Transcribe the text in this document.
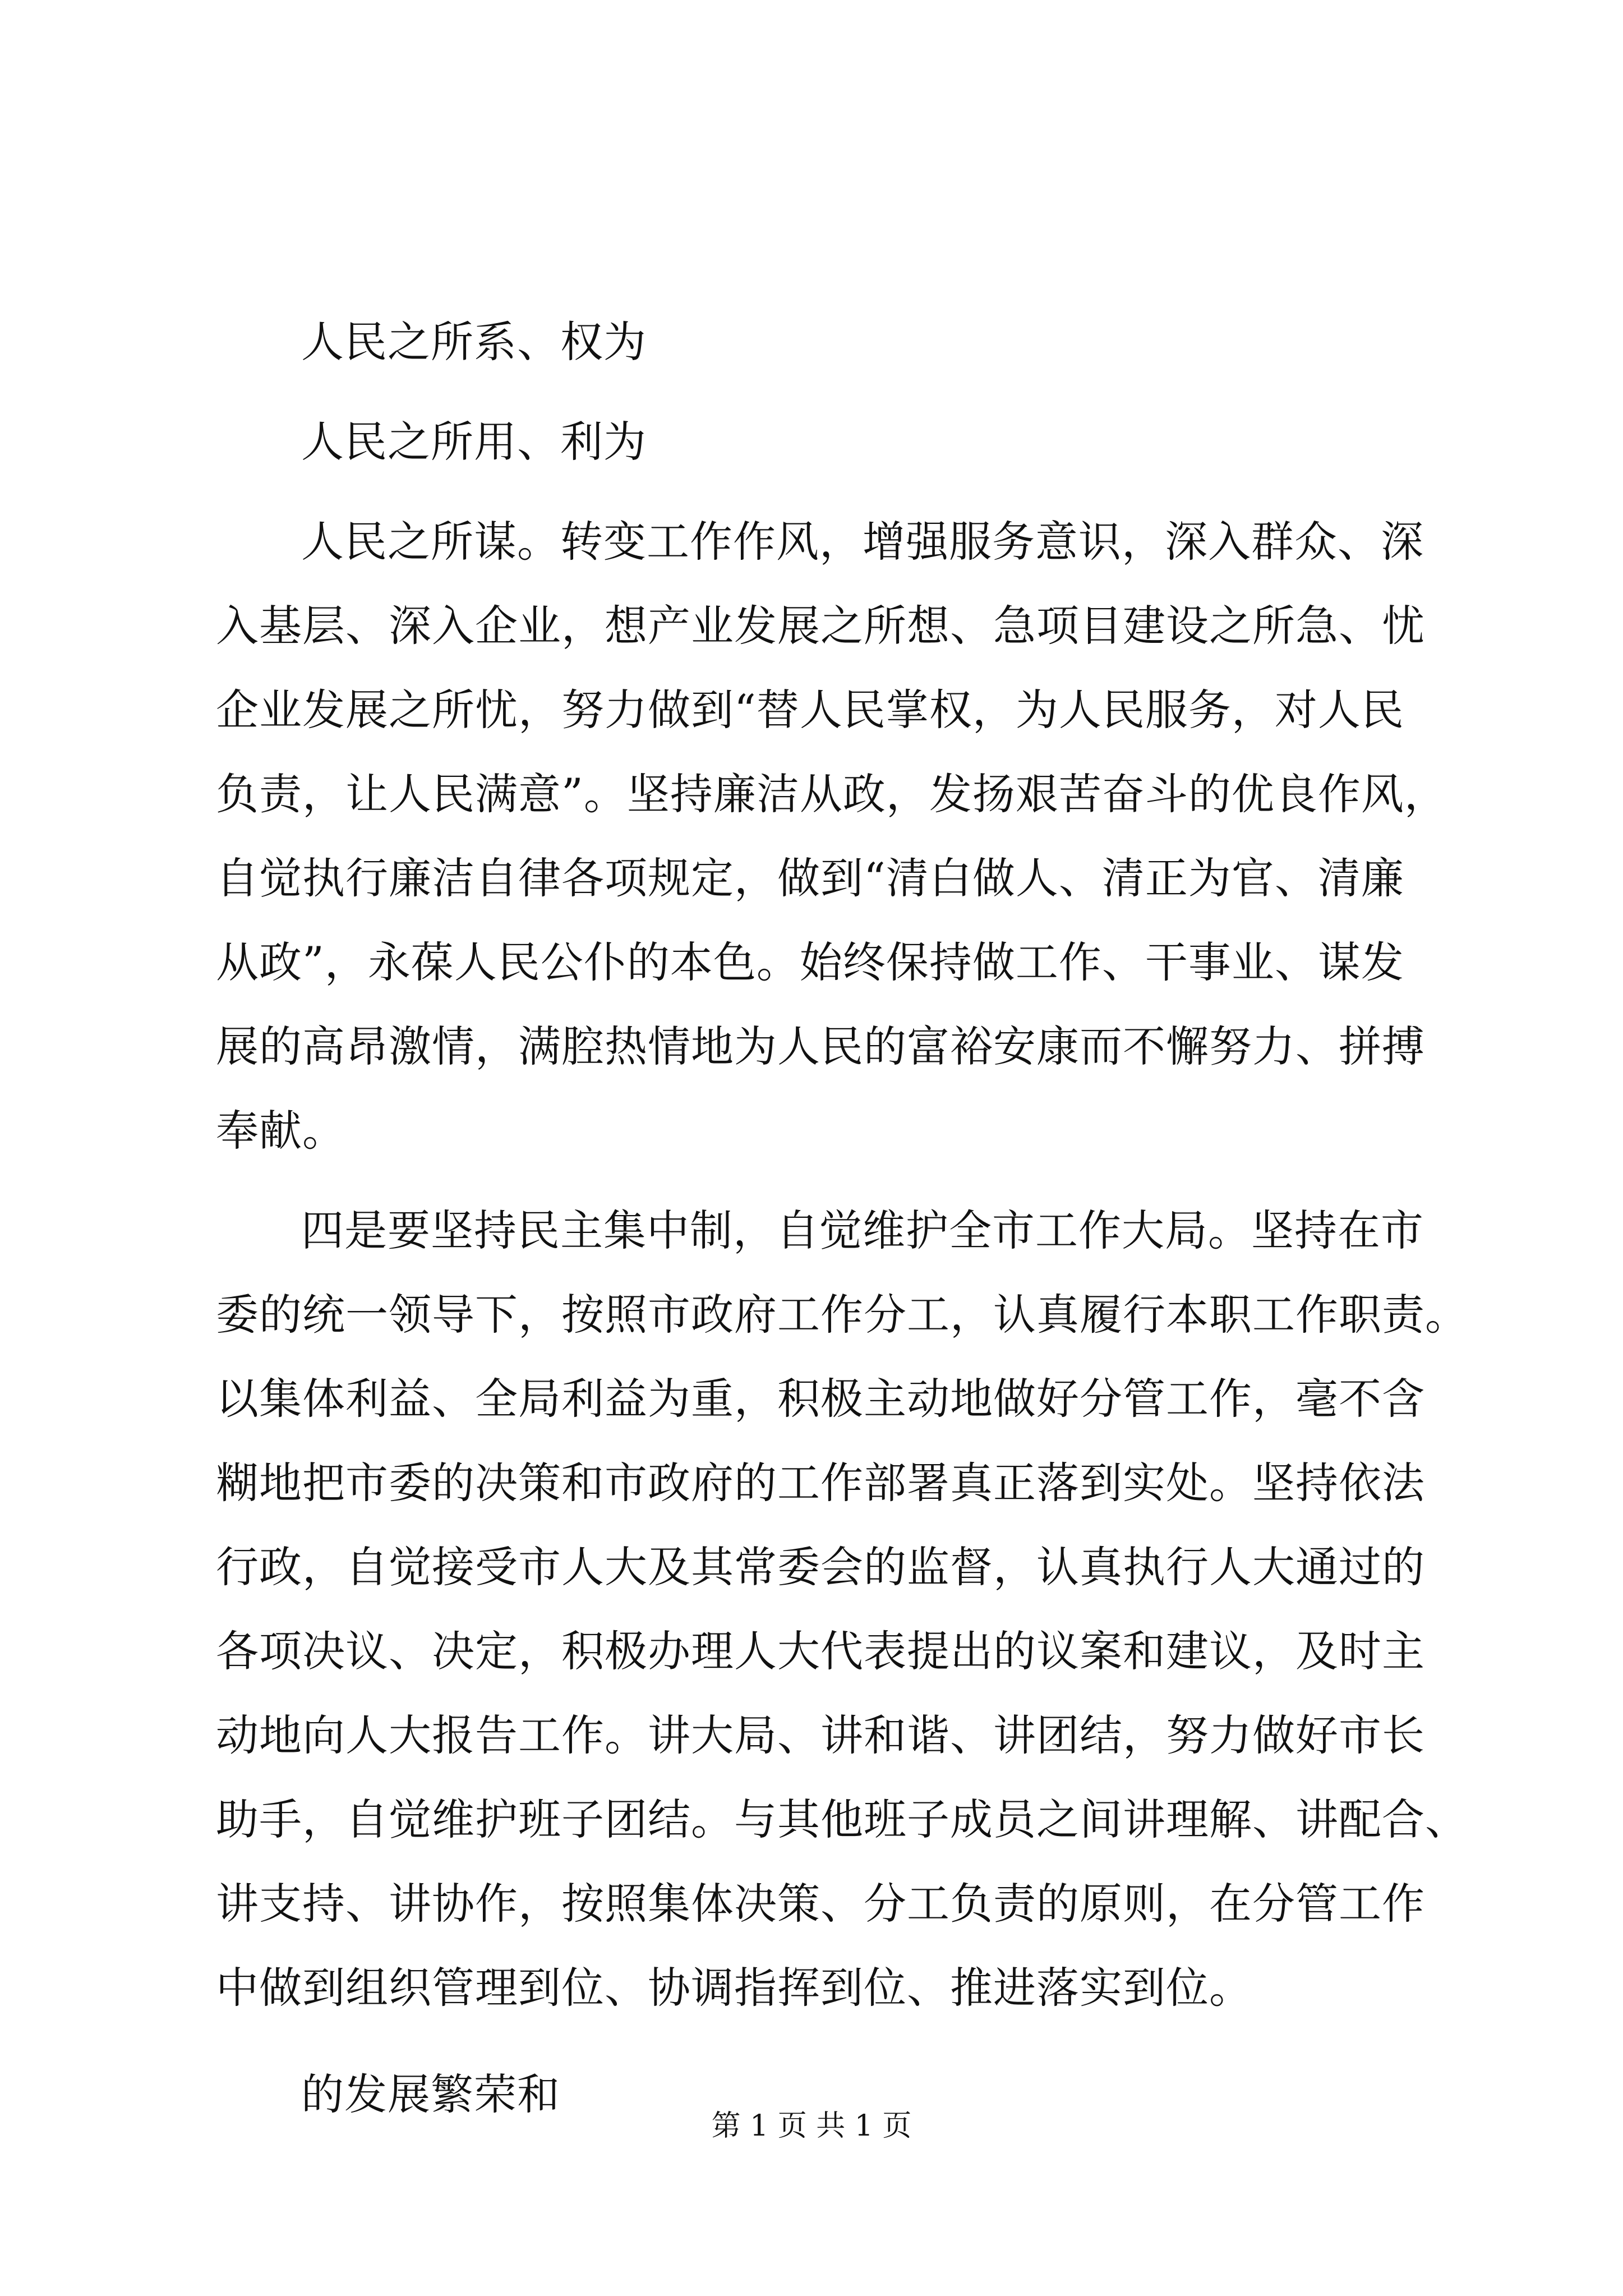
人民之所系、权为
人民之所用、利为
人民之所谋。转变工作作风，增强服务意识，深入群众、深
入基层、深入企业，想产业发展之所想、急项目建设之所急、忧
企业发展之所忧，努力做到“替人民掌权，为人民服务，对人民
负责，让人民满意”。坚持廉洁从政，发扬艰苦奋斗的优良作风，
自觉执行廉洁自律各项规定，做到“清白做人、清正为官、清廉
从政”，永葆人民公仆的本色。始终保持做工作、干事业、谋发
展的高昂激情，满腔热情地为人民的富裕安康而不懈努力、拼搏
奉献。
四是要坚持民主集中制，自觉维护全市工作大局。坚持在市
委的统一领导下，按照市政府工作分工，认真履行本职工作职责。
以集体利益、全局利益为重，积极主动地做好分管工作，毫不含
糊地把市委的决策和市政府的工作部署真正落到实处。坚持依法
行政，自觉接受市人大及其常委会的监督，认真执行人大通过的
各项决议、决定，积极办理人大代表提出的议案和建议，及时主
动地向人大报告工作。讲大局、讲和谐、讲团结，努力做好市长
助手，自觉维护班子团结。与其他班子成员之间讲理解、讲配合、
讲支持、讲协作，按照集体决策、分工负责的原则，在分管工作
中做到组织管理到位、协调指挥到位、推进落实到位。
的发展繁荣和
第 1 页 共 1 页
